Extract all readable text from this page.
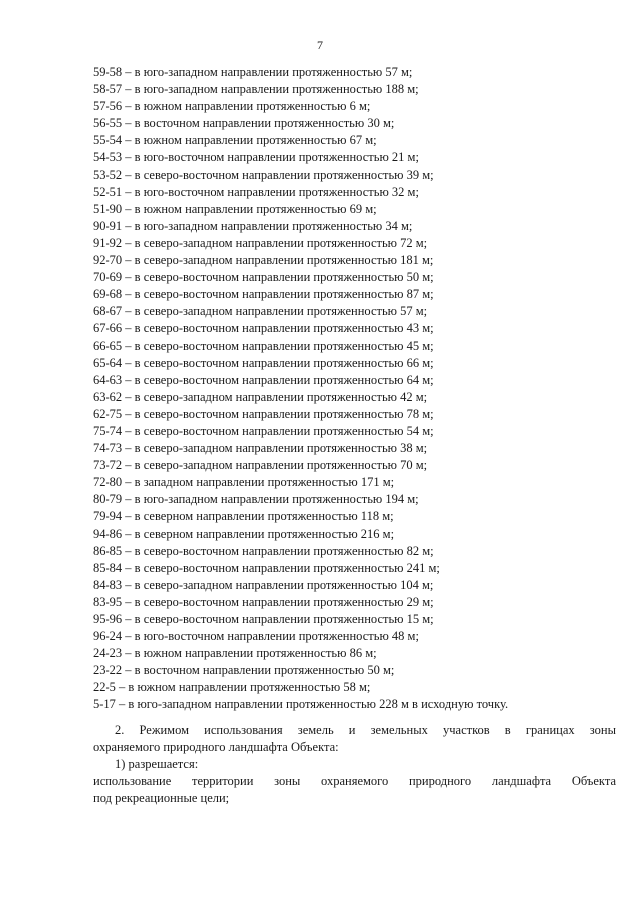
7
59-58 – в юго-западном направлении протяженностью 57 м;
58-57 – в юго-западном направлении протяженностью 188 м;
57-56 – в южном направлении протяженностью 6 м;
56-55 – в восточном направлении протяженностью 30 м;
55-54 – в южном направлении протяженностью 67 м;
54-53 – в юго-восточном направлении протяженностью 21 м;
53-52 – в северо-восточном направлении протяженностью 39 м;
52-51 – в юго-восточном направлении протяженностью 32 м;
51-90 – в южном направлении протяженностью 69 м;
90-91 – в юго-западном направлении протяженностью 34 м;
91-92 – в северо-западном направлении протяженностью 72 м;
92-70 – в северо-западном направлении протяженностью 181 м;
70-69 – в северо-восточном направлении протяженностью 50 м;
69-68 – в северо-восточном направлении протяженностью 87 м;
68-67 – в северо-западном направлении протяженностью 57 м;
67-66 – в северо-восточном направлении протяженностью 43 м;
66-65 – в северо-восточном направлении протяженностью 45 м;
65-64 – в северо-восточном направлении протяженностью 66 м;
64-63 – в северо-восточном направлении протяженностью 64 м;
63-62 – в северо-западном направлении протяженностью 42 м;
62-75 – в северо-восточном направлении протяженностью 78 м;
75-74 – в северо-восточном направлении протяженностью 54 м;
74-73 – в северо-западном направлении протяженностью 38 м;
73-72 – в северо-западном направлении протяженностью 70 м;
72-80 – в западном направлении протяженностью 171 м;
80-79 – в юго-западном направлении протяженностью 194 м;
79-94 – в северном направлении протяженностью 118 м;
94-86 – в северном направлении протяженностью 216 м;
86-85 – в северо-восточном направлении протяженностью 82 м;
85-84 – в северо-восточном направлении протяженностью 241 м;
84-83 – в северо-западном направлении протяженностью 104 м;
83-95 – в северо-восточном направлении протяженностью 29 м;
95-96 – в северо-восточном направлении протяженностью 15 м;
96-24 – в юго-восточном направлении протяженностью 48 м;
24-23 – в южном направлении протяженностью 86 м;
23-22 – в восточном направлении протяженностью 50 м;
22-5 – в южном направлении протяженностью 58 м;
5-17 – в юго-западном направлении протяженностью 228 м в исходную точку.
2. Режимом использования земель и земельных участков в границах зоны
охраняемого природного ландшафта Объекта:
1) разрешается:
использование территории зоны охраняемого природного ландшафта Объекта
под рекреационные цели;
